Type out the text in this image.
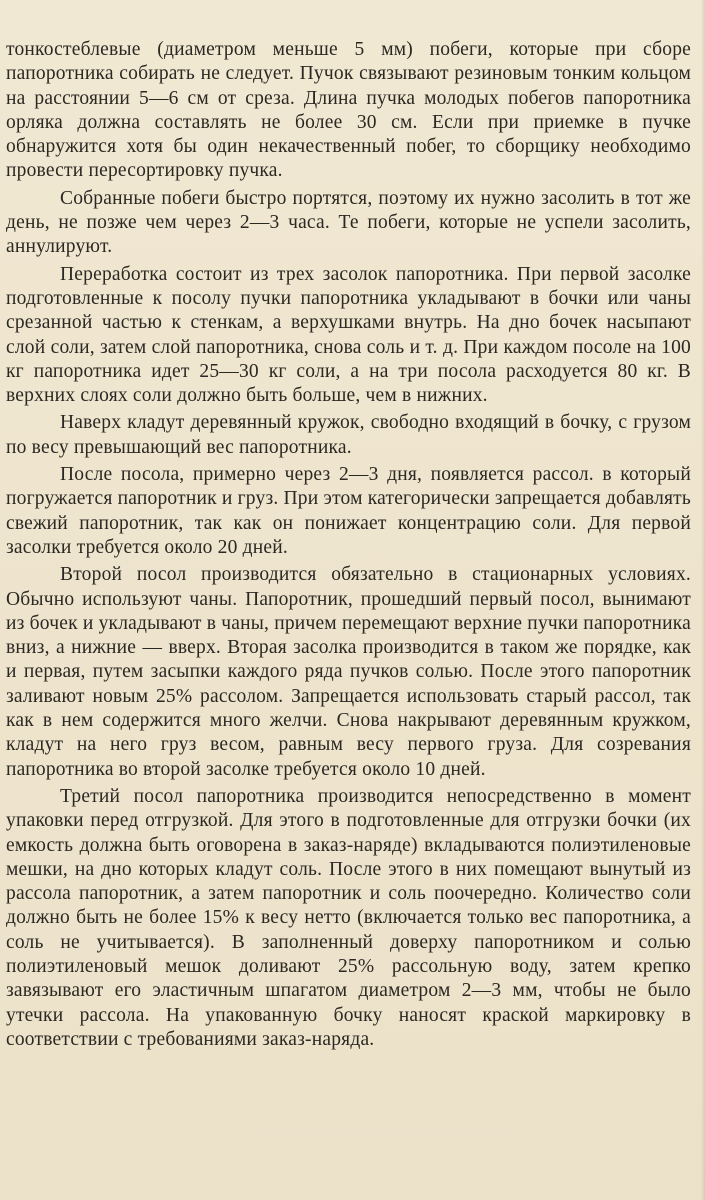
тонкостеблевые (диаметром меньше 5 мм) побеги, которые при сборе папоротника собирать не следует. Пучок связывают резиновым тонким кольцом на расстоянии 5—6 см от среза. Длина пучка молодых побегов папоротника орляка должна составлять не более 30 см. Если при приемке в пучке обнаружится хотя бы один некачественный побег, то сборщику необходимо провести пересортировку пучка.

Собранные побеги быстро портятся, поэтому их нужно засолить в тот же день, не позже чем через 2—3 часа. Те побеги, которые не успели засолить, аннулируют.

Переработка состоит из трех засолок папоротника. При первой засолке подготовленные к посолу пучки папоротника укладывают в бочки или чаны срезанной частью к стенкам, а верхушками внутрь. На дно бочек насыпают слой соли, затем слой папоротника, снова соль и т. д. При каждом посоле на 100 кг папоротника идет 25—30 кг соли, а на три посола расходуется 80 кг. В верхних слоях соли должно быть больше, чем в нижних.

Наверх кладут деревянный кружок, свободно входящий в бочку, с грузом по весу превышающий вес папоротника.

После посола, примерно через 2—3 дня, появляется рассол. в который погружается папоротник и груз. При этом категорически запрещается добавлять свежий папоротник, так как он понижает концентрацию соли. Для первой засолки требуется около 20 дней.

Второй посол производится обязательно в стационарных условиях. Обычно используют чаны. Папоротник, прошедший первый посол, вынимают из бочек и укладывают в чаны, причем перемещают верхние пучки папоротника вниз, а нижние — вверх. Вторая засолка производится в таком же порядке, как и первая, путем засыпки каждого ряда пучков солью. После этого папоротник заливают новым 25% рассолом. Запрещается использовать старый рассол, так как в нем содержится много желчи. Снова накрывают деревянным кружком, кладут на него груз весом, равным весу первого груза. Для созревания папоротника во второй засолке требуется около 10 дней.

Третий посол папоротника производится непосредственно в момент упаковки перед отгрузкой. Для этого в подготовленные для отгрузки бочки (их емкость должна быть оговорена в заказ-наряде) вкладываются полиэтиленовые мешки, на дно которых кладут соль. После этого в них помещают вынутый из рассола папоротник, а затем папоротник и соль поочередно. Количество соли должно быть не более 15% к весу нетто (включается только вес папоротника, а соль не учитывается). В заполненный доверху папоротником и солью полиэтиленовый мешок доливают 25% рассольную воду, затем крепко завязывают его эластичным шпагатом диаметром 2—3 мм, чтобы не было утечки рассола. На упакованную бочку наносят краской маркировку в соответствии с требованиями заказ-наряда.
